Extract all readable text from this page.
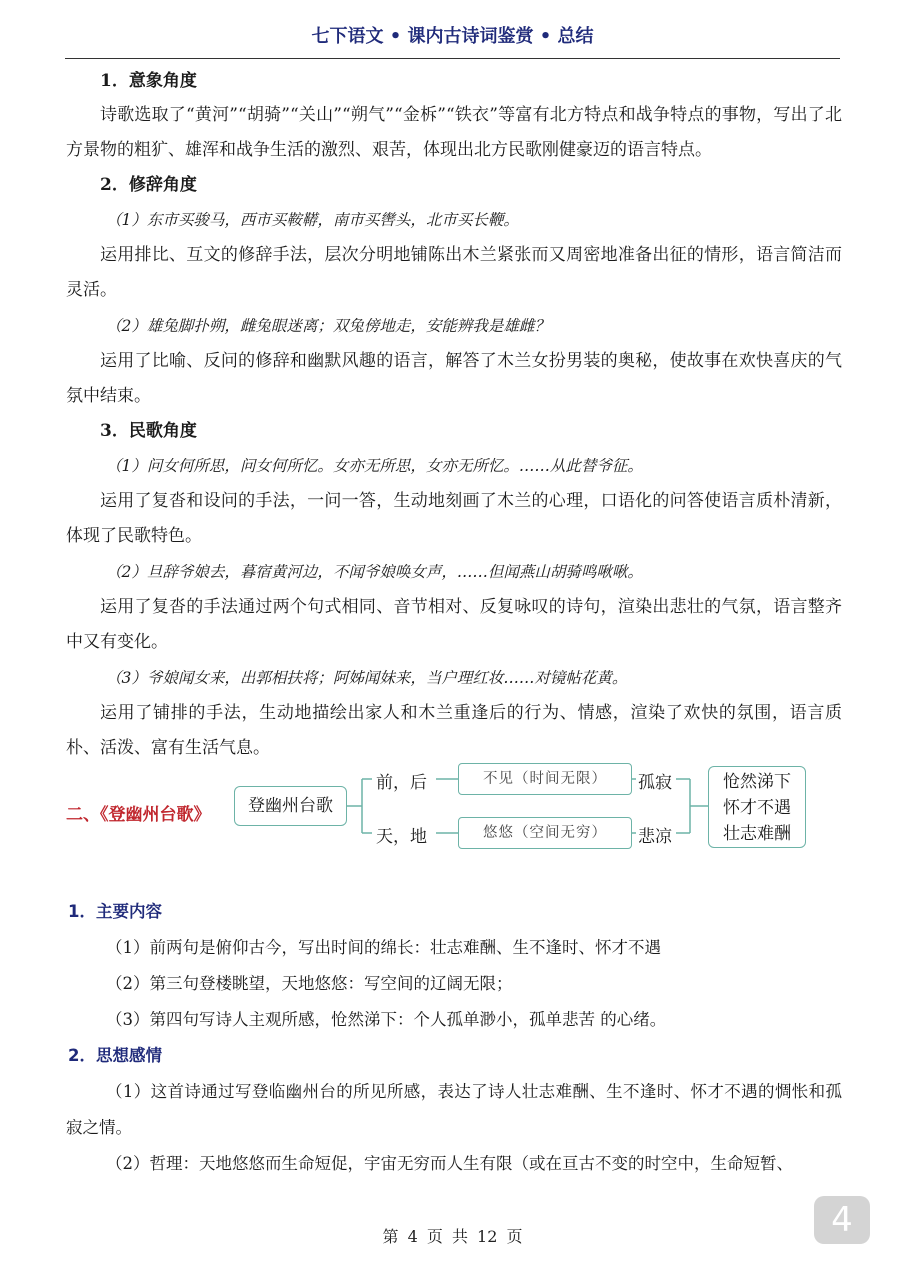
七下语文 • 课内古诗词鉴赏 • 总结
1．意象角度
诗歌选取了“黄河”“胡骑”“关山”“朔气”“金柝”“铁衣”等富有北方特点和战争特点的事物，写出了北方景物的粗犷、雄浑和战争生活的激烈、艰苦，体现出北方民歌刚健豪迈的语言特点。
2．修辞角度
（1）东市买骏马，西市买鞍鞯，南市买辔头，北市买长鞭。
运用排比、互文的修辞手法，层次分明地铺陈出木兰紧张而又周密地准备出征的情形，语言简洁而灵活。
（2）雄兔脚扑朔，雌兔眼迷离；双兔傍地走，安能辨我是雄雌？
运用了比喻、反问的修辞和幽默风趣的语言，解答了木兰女扮男装的奥秘，使故事在欢快喜庆的气氛中结束。
3．民歌角度
（1）问女何所思，问女何所忆。女亦无所思，女亦无所忆。……从此替爷征。
运用了复沓和设问的手法，一问一答，生动地刻画了木兰的心理，口语化的问答使语言质朴清新，体现了民歌特色。
（2）旦辞爷娘去，暮宿黄河边，不闻爷娘唤女声，……但闻燕山胡骑鸣啾啾。
运用了复沓的手法通过两个句式相同、音节相对、反复咏叹的诗句，渲染出悲壮的气氛，语言整齐中又有变化。
（3）爷娘闻女来，出郭相扶将；阿姊闻妹来，当户理红妆……对镜帖花黄。
运用了铺排的手法，生动地描绘出家人和木兰重逢后的行为、情感，渲染了欢快的氛围，语言质朴、活泼、富有生活气息。
二、《登幽州台歌》	登幽州台歌
前，后	不见（时间无限）	孤寂
天，地	悠悠（空间无穷）	悲凉
怆然涕下
怀才不遇
壮志难酬
1．主要内容
（1）前两句是俯仰古今，写出时间的绵长：壮志难酬、生不逢时、怀才不遇
（2）第三句登楼眺望，天地悠悠：写空间的辽阔无限；
（3）第四句写诗人主观所感，怆然涕下：个人孤单渺小，孤单悲苦 的心绪。
2．思想感情
（1）这首诗通过写登临幽州台的所见所感，表达了诗人壮志难酬、生不逢时、怀才不遇的惆怅和孤寂之情。
（2）哲理：天地悠悠而生命短促，宇宙无穷而人生有限（或在亘古不变的时空中，生命短暂、
第 4 页 共 12 页	4
